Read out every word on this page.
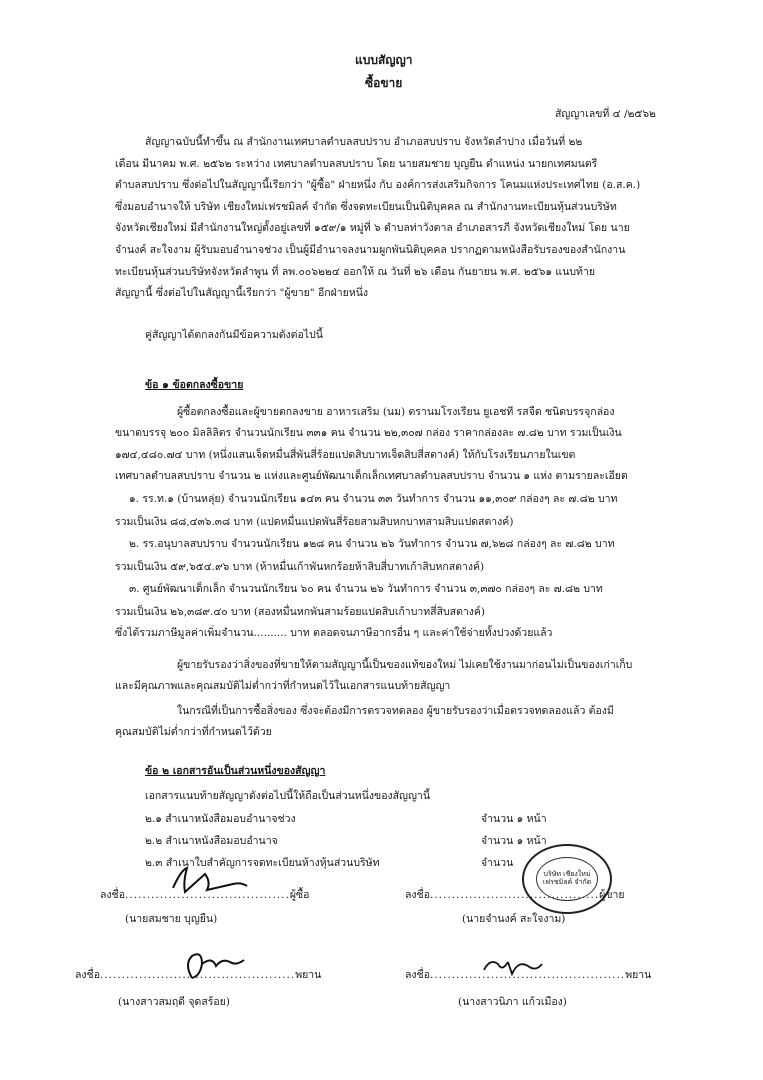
แบบสัญญา
ซื้อขาย
สัญญาเลขที่ ๔ /๒๕๖๒
สัญญาฉบับนี้ทำขึ้น ณ สำนักงานเทศบาลตำบลสบปราบ อำเภอสบปราบ จังหวัดลำปาง เมื่อวันที่ ๒๒
เดือน มีนาคม พ.ศ. ๒๕๖๒ ระหว่าง เทศบาลตำบลสบปราบ โดย นายสมชาย บุญยืน ตำแหน่ง นายกเทศมนตรี
ตำบลสบปราบ ซึ่งต่อไปในสัญญานี้เรียกว่า "ผู้ซื้อ" ฝ่ายหนึ่ง กับ องค์การส่งเสริมกิจการ โคนมแห่งประเทศไทย (อ.ส.ค.)
ซึ่งมอบอำนาจให้ บริษัท เชียงใหม่เฟรชมิลค์ จำกัด ซึ่งจดทะเบียนเป็นนิติบุคคล ณ สำนักงานทะเบียนหุ้นส่วนบริษัท
จังหวัดเชียงใหม่ มีสำนักงานใหญ่ตั้งอยู่เลขที่ ๑๕๙/๑ หมู่ที่ ๖ ตำบลท่าวังตาล อำเภอสารภี จังหวัดเชียงใหม่ โดย นาย
จำนงค์ สะใจงาม ผู้รับมอบอำนาจช่วง เป็นผู้มีอำนาจลงนามผูกพันนิติบุคคล ปรากฏตามหนังสือรับรองของสำนักงาน
ทะเบียนหุ้นส่วนบริษัทจังหวัดลำพูน ที่ ลพ.๐๐๖๒๒๔ ออกให้ ณ วันที่ ๒๖ เดือน กันยายน พ.ศ. ๒๕๖๑ แนบท้าย
สัญญานี้ ซึ่งต่อไปในสัญญานี้เรียกว่า "ผู้ขาย" อีกฝ่ายหนึ่ง
คู่สัญญาได้ตกลงกันมีข้อความดังต่อไปนี้
ข้อ ๑ ข้อตกลงซื้อขาย
ผู้ซื้อตกลงซื้อและผู้ขายตกลงขาย อาหารเสริม (นม) ตรานมโรงเรียน ยูเอชที รสจืด ชนิดบรรจุกล่อง
ขนาดบรรจุ ๒๐๐ มิลลิลิตร จำนวนนักเรียน ๓๓๑ คน จำนวน ๒๒,๓๐๗ กล่อง ราคากล่องละ ๗.๘๒ บาท รวมเป็นเงิน
๑๗๔,๔๘๐.๗๔ บาท (หนึ่งแสนเจ็ดหมื่นสี่พันสี่ร้อยแปดสิบบาทเจ็ดสิบสี่สตางค์) ให้กับโรงเรียนภายในเขต
เทศบาลตำบลสบปราบ จำนวน ๒ แห่งและศูนย์พัฒนาเด็กเล็กเทศบาลตำบลสบปราบ จำนวน ๑ แห่ง ตามรายละเอียด
๑. รร.ท.๑ (บ้านหลุ่ย) จำนวนนักเรียน ๑๔๓ คน จำนวน ๓๓ วันทำการ จำนวน ๑๑,๓๐๙ กล่องๆ ละ ๗.๘๒ บาท
รวมเป็นเงิน ๘๘,๔๓๖.๓๘ บาท (แปดหมื่นแปดพันสี่ร้อยสามสิบหกบาทสามสิบแปดสตางค์)
๒. รร.อนุบาลสบปราบ จำนวนนักเรียน ๑๒๘ คน จำนวน ๒๖ วันทำการ จำนวน ๗,๖๒๘ กล่องๆ ละ ๗.๘๒ บาท
รวมเป็นเงิน ๕๙,๖๕๔.๙๖ บาท (ห้าหมื่นเก้าพันหกร้อยห้าสิบสี่บาทเก้าสิบหกสตางค์)
๓. ศูนย์พัฒนาเด็กเล็ก จำนวนนักเรียน ๖๐ คน จำนวน ๒๖ วันทำการ จำนวน ๓,๓๗๐ กล่องๆ ละ ๗.๘๒ บาท
รวมเป็นเงิน ๒๖,๓๘๙.๔๐ บาท (สองหมื่นหกพันสามร้อยแปดสิบเก้าบาทสี่สิบสตางค์)
ซึ่งได้รวมภาษีมูลค่าเพิ่มจำนวน.......... บาท ตลอดจนภาษีอากรอื่น ๆ และค่าใช้จ่ายทั้งปวงด้วยแล้ว
ผู้ขายรับรองว่าสิ่งของที่ขายให้ตามสัญญานี้เป็นของแท้ของใหม่ ไม่เคยใช้งานมาก่อนไม่เป็นของเก่าเก็บ
และมีคุณภาพและคุณสมบัติไม่ต่ำกว่าที่กำหนดไว้ในเอกสารแนบท้ายสัญญา
ในกรณีที่เป็นการซื้อสิ่งของ ซึ่งจะต้องมีการตรวจทดลอง ผู้ขายรับรองว่าเมื่อตรวจทดลองแล้ว ต้องมี
คุณสมบัติไม่ต่ำกว่าที่กำหนดไว้ด้วย
ข้อ ๒ เอกสารอันเป็นส่วนหนึ่งของสัญญา
เอกสารแนบท้ายสัญญาดังต่อไปนี้ให้ถือเป็นส่วนหนึ่งของสัญญานี้
๒.๑ สำเนาหนังสือมอบอำนาจช่วง	จำนวน ๑ หน้า
๒.๒ สำเนาหนังสือมอบอำนาจ	จำนวน ๑ หน้า
๒.๓ สำเนาใบสำคัญการจดทะเบียนห้างหุ้นส่วนบริษัท	จำนวน
บริษัท เชียงใหม่ เฟรชมิลค์ จำกัด
ลงชื่อ......................................ผู้ซื้อ
(นายสมชาย บุญยืน)
ลงชื่อ.......................................ผู้ขาย
(นายจำนงค์ สะใจงาม)
ลงชื่อ.............................................พยาน
(นางสาวสมฤดี จุดสร้อย)
ลงชื่อ.............................................พยาน
(นางสาวนิภา แก้วเมือง)
